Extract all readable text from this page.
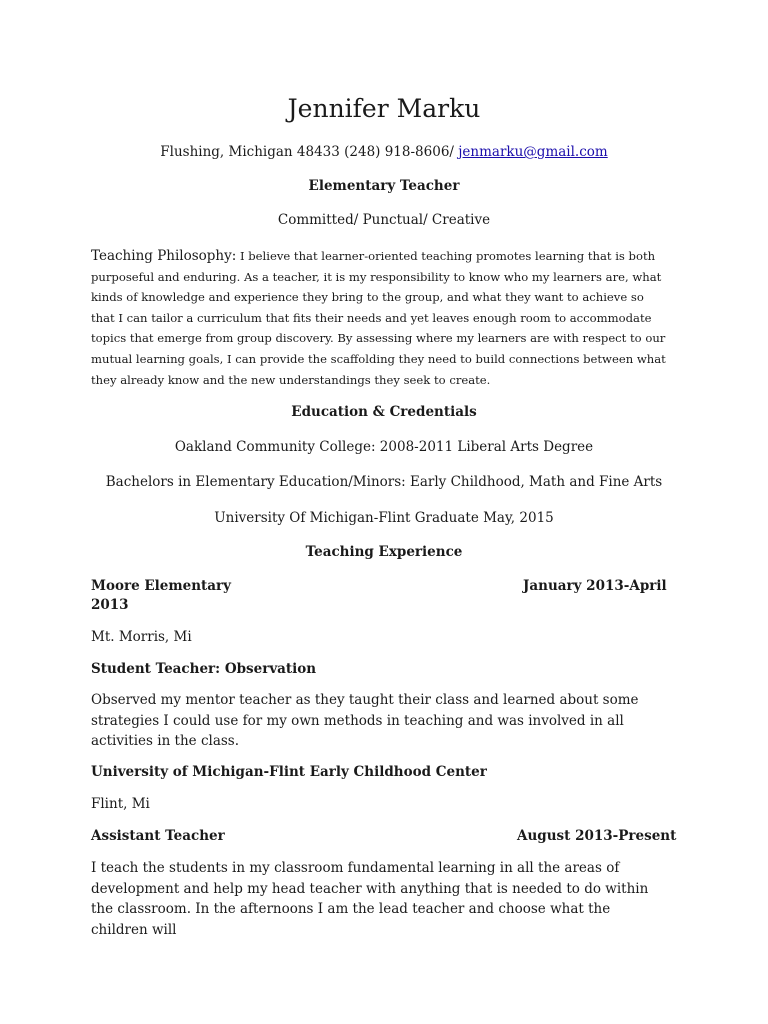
Jennifer Marku
Flushing, Michigan 48433 (248) 918-8606/ jenmarku@gmail.com
Elementary Teacher
Committed/ Punctual/ Creative
Teaching Philosophy: I believe that learner-oriented teaching promotes learning that is both purposeful and enduring. As a teacher, it is my responsibility to know who my learners are, what kinds of knowledge and experience they bring to the group, and what they want to achieve so that I can tailor a curriculum that fits their needs and yet leaves enough room to accommodate topics that emerge from group discovery. By assessing where my learners are with respect to our mutual learning goals, I can provide the scaffolding they need to build connections between what they already know and the new understandings they seek to create.
Education & Credentials
Oakland Community College: 2008-2011 Liberal Arts Degree
Bachelors in Elementary Education/Minors: Early Childhood, Math and Fine Arts
University Of Michigan-Flint Graduate May, 2015
Teaching Experience
Moore Elementary	January 2013-April
2013
Mt. Morris, Mi
Student Teacher: Observation
Observed my mentor teacher as they taught their class and learned about some strategies I could use for my own methods in teaching and was involved in all activities in the class.
University of Michigan-Flint Early Childhood Center
Flint, Mi
Assistant Teacher	August 2013-Present
I teach the students in my classroom fundamental learning in all the areas of development and help my head teacher with anything that is needed to do within the classroom. In the afternoons I am the lead teacher and choose what the children will
